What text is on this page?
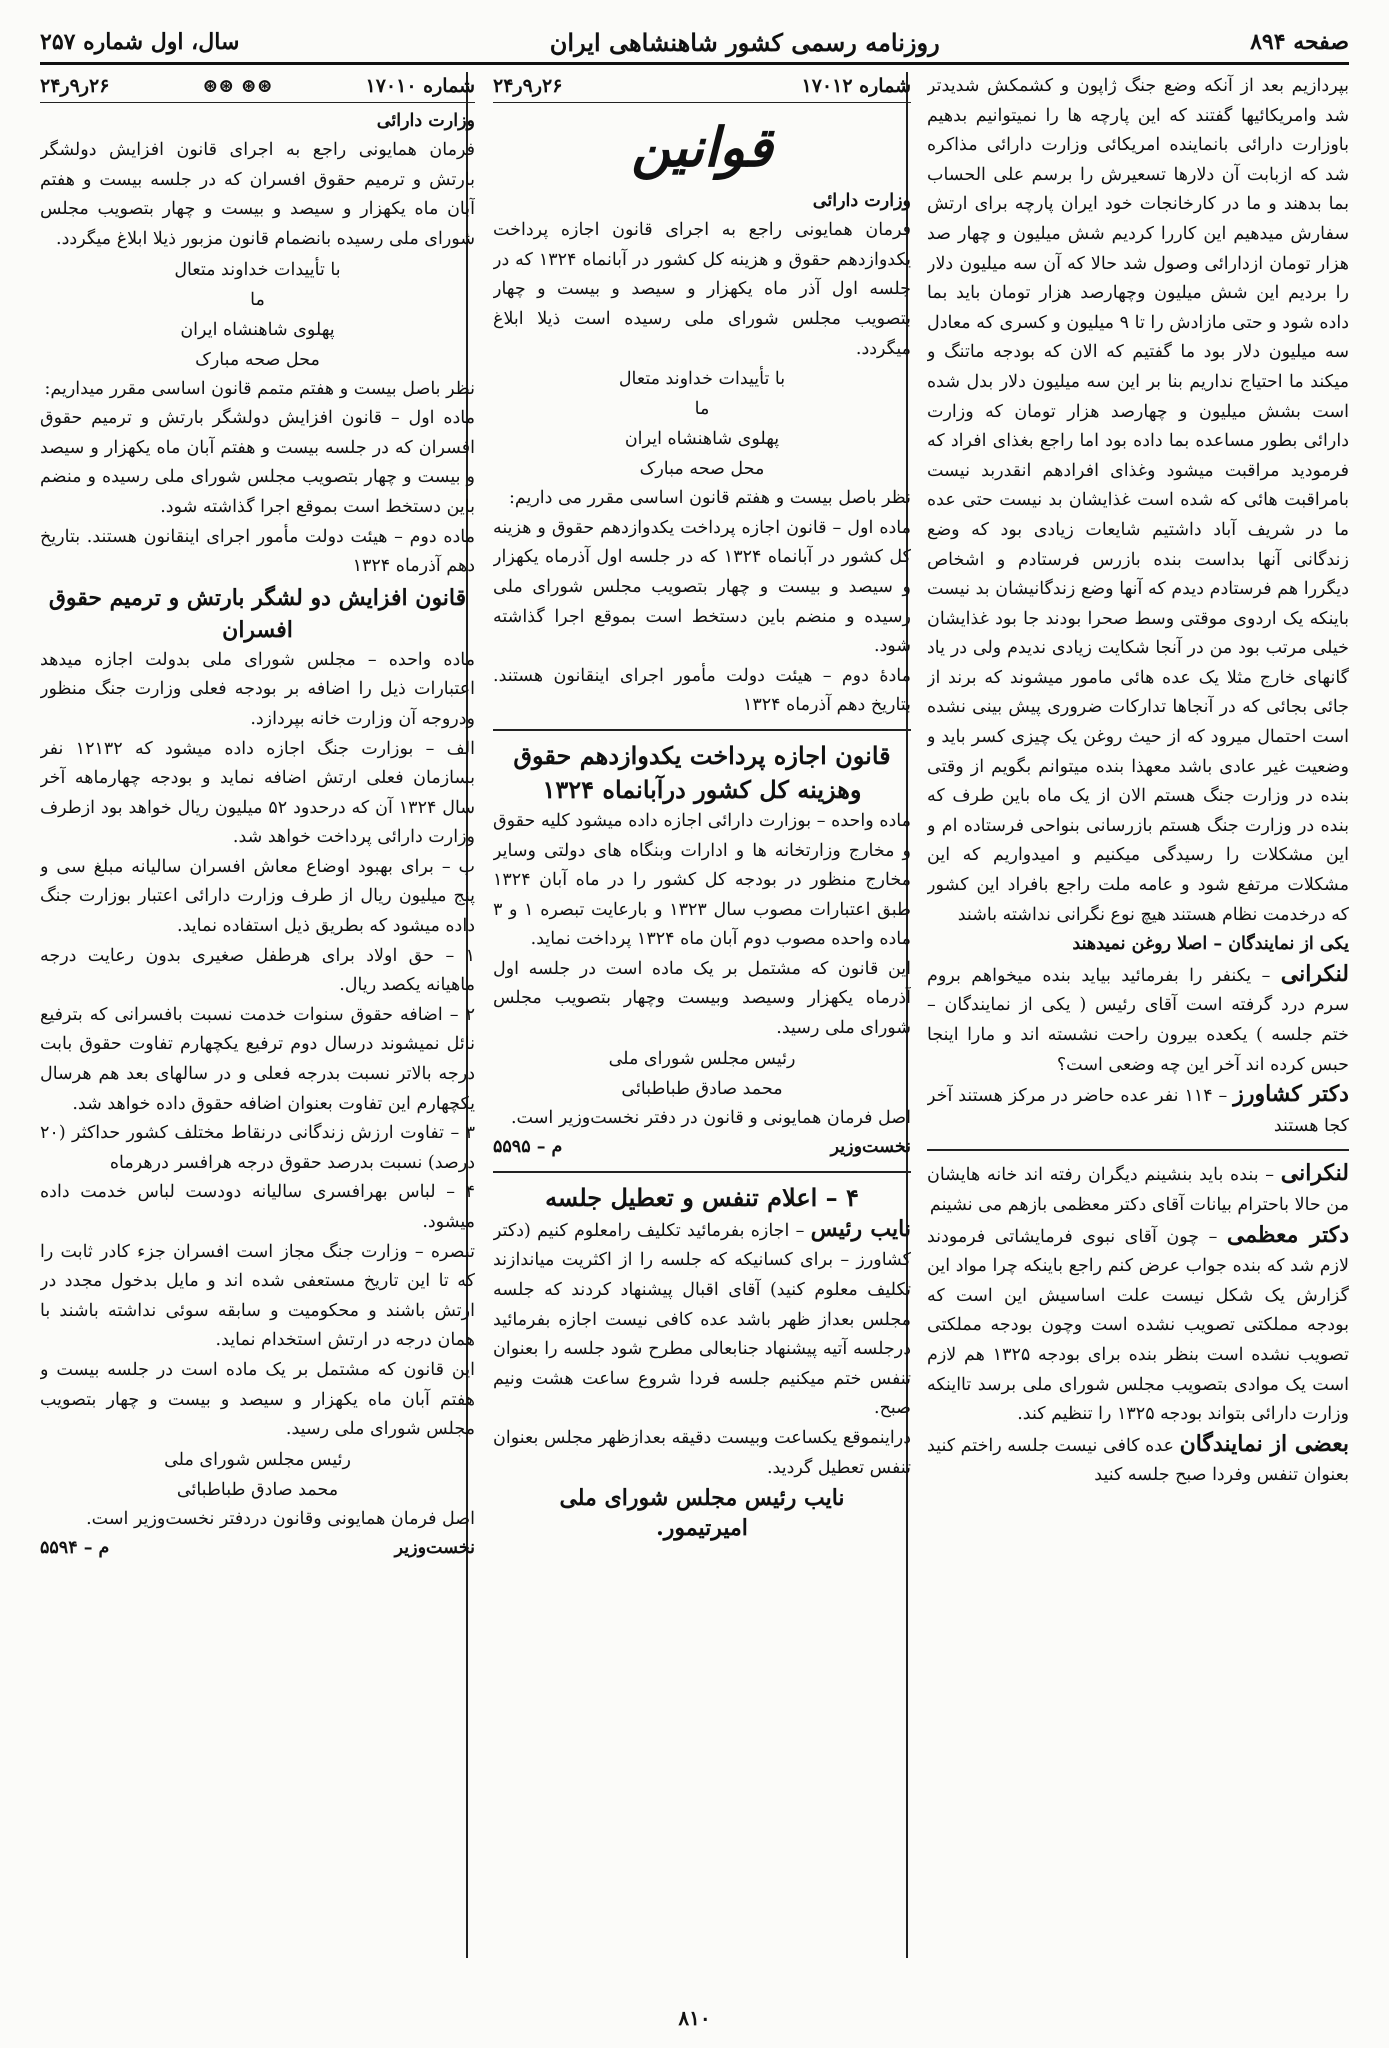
صفحه ۸۹۴
روزنامه رسمی کشور شاهنشاهی ایران
سال، اول شماره ۲۵۷

بپردازیم بعد از آنکه وضع جنگ ژاپون و کشمکش شدیدتر شد وامریکائیها گفتند که این پارچه ها را نمیتوانیم بدهیم باوزارت دارائی بانماینده امریکائی وزارت دارائی مذاکره شد که ازبابت آن دلارها تسعیرش را برسم علی الحساب بما بدهند و ما در کارخانجات خود ایران پارچه برای ارتش سفارش میدهیم این کاررا کردیم شش میلیون و چهار صد هزار تومان ازدارائی وصول شد حالا که آن سه میلیون دلار را بردیم این شش میلیون وچهارصد هزار تومان باید بما داده شود و حتی مازادش را تا ۹ میلیون و کسری که معادل سه میلیون دلار بود ما گفتیم که الان که بودجه ماتنگ و میکند ما احتیاج نداریم بنا بر این سه میلیون دلار بدل شده است بشش میلیون و چهارصد هزار تومان که وزارت دارائی بطور مساعده بما داده بود اما راجع بغذای افراد که فرمودید مراقبت میشود وغذای افرادهم انقدربد نیست بامراقبت هائی که شده است غذایشان بد نیست حتی عده ما در شریف آباد داشتیم شایعات زیادی بود که وضع زندگانی آنها بداست بنده بازرس فرستادم و اشخاص دیگررا هم فرستادم دیدم که آنها وضع زندگانیشان بد نیست باینکه یک اردوی موقتی وسط صحرا بودند جا بود غذایشان خیلی مرتب بود من در آنجا شکایت زیادی ندیدم ولی در یاد گانهای خارج مثلا یک عده هائی مامور میشوند که برند از جائی بجائی که در آنجاها تدارکات ضروری پیش بینی نشده است احتمال میرود که از حیث روغن یک چیزی کسر باید و وضعیت غیر عادی باشد معهذا بنده میتوانم بگویم از وقتی بنده در وزارت جنگ هستم الان از یک ماه باین طرف که بنده در وزارت جنگ هستم بازرسانی بنواحی فرستاده ام و این مشکلات را رسیدگی میکنیم و امیدواریم که این مشکلات مرتفع شود و عامه ملت راجع بافراد این کشور که درخدمت نظام هستند هیچ نوع نگرانی نداشته باشند

یکی از نمایندگان – اصلا روغن نمیدهند

لنکرانی – یکنفر را بفرمائید بیاید بنده میخواهم بروم سرم درد گرفته است آقای رئیس ( یکی از نمایندگان – ختم جلسه ) یکعده بیرون راحت نشسته اند و مارا اینجا حبس کرده اند آخر این چه وضعی است؟

دکتر کشاورز – ۱۱۴ نفر عده حاضر در مرکز هستند آخر کجا هستند

لنکرانی – بنده باید بنشینم دیگران رفته اند خانه هایشان من حالا باحترام بیانات آقای دکتر معظمی بازهم می نشینم

دکتر معظمی – چون آقای نبوی فرمایشاتی فرمودند لازم شد که بنده جواب عرض کنم راجع باینکه چرا مواد این گزارش یک شکل نیست علت اساسیش این است که بودجه مملکتی تصویب نشده است وچون بودجه مملکتی تصویب نشده است بنظر بنده برای بودجه ۱۳۲۵ هم لازم است یک موادی بتصویب مجلس شورای ملی برسد تااینکه وزارت دارائی بتواند بودجه ۱۳۲۵ را تنظیم کند.

بعضی از نمایندگان عده کافی نیست جلسه راختم کنید بعنوان تنفس وفردا صبح جلسه کنید

شماره ۱۷۰۱۲
۲۶ر۹ر۲۴
قوانین

وزارت دارائی

فرمان همایونی راجع به اجرای قانون اجازه پرداخت یکدوازدهم حقوق و هزینه کل کشور در آبانماه ۱۳۲۴ که در جلسه اول آذر ماه یکهزار و سیصد و بیست و چهار بتصویب مجلس شورای ملی رسیده است ذیلا ابلاغ میگردد.

با تأییدات خداوند متعال

ما

پهلوی شاهنشاه ایران

محل صحه مبارک

نظر باصل بیست و هفتم قانون اساسی مقرر می داریم:

ماده اول – قانون اجازه پرداخت یکدوازدهم حقوق و هزینه کل کشور در آبانماه ۱۳۲۴ که در جلسه اول آذرماه یکهزار و سیصد و بیست و چهار بتصویب مجلس شورای ملی رسیده و منضم باین دستخط است بموقع اجرا گذاشته شود.

مادهٔ دوم – هیئت دولت مأمور اجرای اینقانون هستند. بتاریخ دهم آذرماه ۱۳۲۴

قانون اجازه پرداخت یکدوازدهم حقوق وهزینه کل کشور درآبانماه ۱۳۲۴

ماده واحده – بوزارت دارائی اجازه داده میشود کلیه حقوق و مخارج وزارتخانه ها و ادارات وبنگاه های دولتی وسایر مخارج منظور در بودجه کل کشور را در ماه آبان ۱۳۲۴ طبق اعتبارات مصوب سال ۱۳۲۳ و بارعایت تبصره ۱ و ۳ ماده واحده مصوب دوم آبان ماه ۱۳۲۴ پرداخت نماید.

این قانون که مشتمل بر یک ماده است در جلسه اول آذرماه یکهزار وسیصد وبیست وچهار بتصویب مجلس شورای ملی رسید.

رئیس مجلس شورای ملی

محمد صادق طباطبائی

اصل فرمان همایونی و قانون در دفتر نخست‌وزیر است.

نخست‌وزیر
م – ۵۵۹۵
۴ – اعلام تنفس و تعطیل جلسه

نایب رئیس – اجازه بفرمائید تکلیف رامعلوم کنیم (دکتر کشاورز – برای کسانیکه که جلسه را از اکثریت میاندازند تکلیف معلوم کنید) آقای اقبال پیشنهاد کردند که جلسه مجلس بعداز ظهر باشد عده کافی نیست اجازه بفرمائید درجلسه آتیه پیشنهاد جنابعالی مطرح شود جلسه را بعنوان تنفس ختم میکنیم جلسه فردا شروع ساعت هشت ونیم صبح.

دراینموقع یکساعت وبیست دقیقه بعدازظهر مجلس بعنوان تنفس تعطیل گردید.

نایب رئیس مجلس شورای ملی

امیرتیمور.

شماره ۱۷۰۱۰
⊛⊛ ⊛⊛
۲۶ر۹ر۲۴

وزارت دارائی

فرمان همایونی راجع به اجرای قانون افزایش دولشگر بارتش و ترمیم حقوق افسران که در جلسه بیست و هفتم آبان ماه یکهزار و سیصد و بیست و چهار بتصویب مجلس شورای ملی رسیده بانضمام قانون مزبور ذیلا ابلاغ میگردد.

با تأییدات خداوند متعال

ما

پهلوی شاهنشاه ایران

محل صحه مبارک

نظر باصل بیست و هفتم متمم قانون اساسی مقرر میداریم:

ماده اول – قانون افزایش دولشگر بارتش و ترمیم حقوق افسران که در جلسه بیست و هفتم آبان ماه یکهزار و سیصد و بیست و چهار بتصویب مجلس شورای ملی رسیده و منضم باین دستخط است بموقع اجرا گذاشته شود.

ماده دوم – هیئت دولت مأمور اجرای اینقانون هستند. بتاریخ دهم آذرماه ۱۳۲۴

قانون افزایش دو لشگر بارتش و ترمیم حقوق افسران

ماده واحده – مجلس شورای ملی بدولت اجازه میدهد اعتبارات ذیل را اضافه بر بودجه فعلی وزارت جنگ منظور ودروجه آن وزارت خانه بپردازد.

الف – بوزارت جنگ اجازه داده میشود که ۱۲۱۳۲ نفر بسازمان فعلی ارتش اضافه نماید و بودجه چهارماهه آخر سال ۱۳۲۴ آن که درحدود ۵۲ میلیون ریال خواهد بود ازطرف وزارت دارائی پرداخت خواهد شد.

ب – برای بهبود اوضاع معاش افسران سالیانه مبلغ سی و پنج میلیون ریال از طرف وزارت دارائی اعتبار بوزارت جنگ داده میشود که بطریق ذیل استفاده نماید.

۱ – حق اولاد برای هرطفل صغیری بدون رعایت درجه ماهیانه یکصد ریال.

۲ – اضافه حقوق سنوات خدمت نسبت بافسرانی که بترفیع نائل نمیشوند درسال دوم ترفیع یکچهارم تفاوت حقوق بابت درجه بالاتر نسبت بدرجه فعلی و در سالهای بعد هم هرسال یکچهارم این تفاوت بعنوان اضافه حقوق داده خواهد شد.

۳ – تفاوت ارزش زندگانی درنقاط مختلف کشور حداکثر (۲۰ درصد) نسبت بدرصد حقوق درجه هرافسر درهرماه

۴ – لباس بهرافسری سالیانه دودست لباس خدمت داده میشود.

تبصره – وزارت جنگ مجاز است افسران جزء کادر ثابت را که تا این تاریخ مستعفی شده اند و مایل بدخول مجدد در ارتش باشند و محکومیت و سابقه سوئی نداشته باشند با همان درجه در ارتش استخدام نماید.

این قانون که مشتمل بر یک ماده است در جلسه بیست و هفتم آبان ماه یکهزار و سیصد و بیست و چهار بتصویب مجلس شورای ملی رسید.

رئیس مجلس شورای ملی

محمد صادق طباطبائی

اصل فرمان همایونی وقانون دردفتر نخست‌وزیر است.

نخست‌وزیر
م – ۵۵۹۴
۸۱۰
